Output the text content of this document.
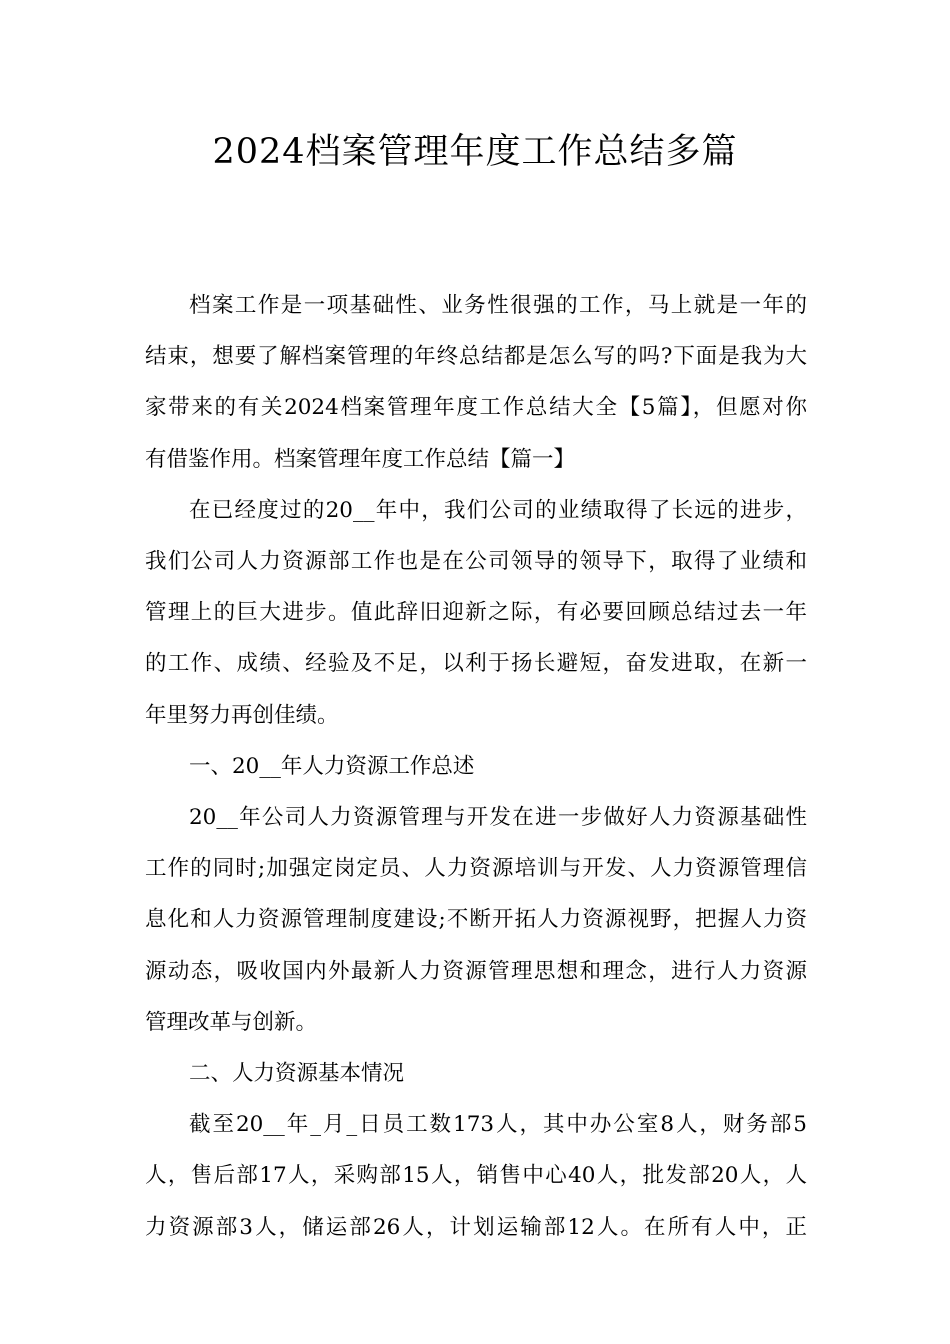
2024档案管理年度工作总结多篇
档案工作是一项基础性、业务性很强的工作，马上就是一年的
结束，想要了解档案管理的年终总结都是怎么写的吗?下面是我为大
家带来的有关2024档案管理年度工作总结大全【5篇】，但愿对你
有借鉴作用。档案管理年度工作总结【篇一】
在已经度过的20__年中，我们公司的业绩取得了长远的进步，
我们公司人力资源部工作也是在公司领导的领导下，取得了业绩和
管理上的巨大进步。值此辞旧迎新之际，有必要回顾总结过去一年
的工作、成绩、经验及不足，以利于扬长避短，奋发进取，在新一
年里努力再创佳绩。

一、20__年人力资源工作总述

20__年公司人力资源管理与开发在进一步做好人力资源基础性
工作的同时;加强定岗定员、人力资源培训与开发、人力资源管理信
息化和人力资源管理制度建设;不断开拓人力资源视野，把握人力资
源动态，吸收国内外最新人力资源管理思想和理念，进行人力资源
管理改革与创新。

二、人力资源基本情况

截至20__年_月_日员工数173人，其中办公室8人，财务部5
人，售后部17人，采购部15人，销售中心40人，批发部20人，人
力资源部3人，储运部26人，计划运输部12人。在所有人中，正
